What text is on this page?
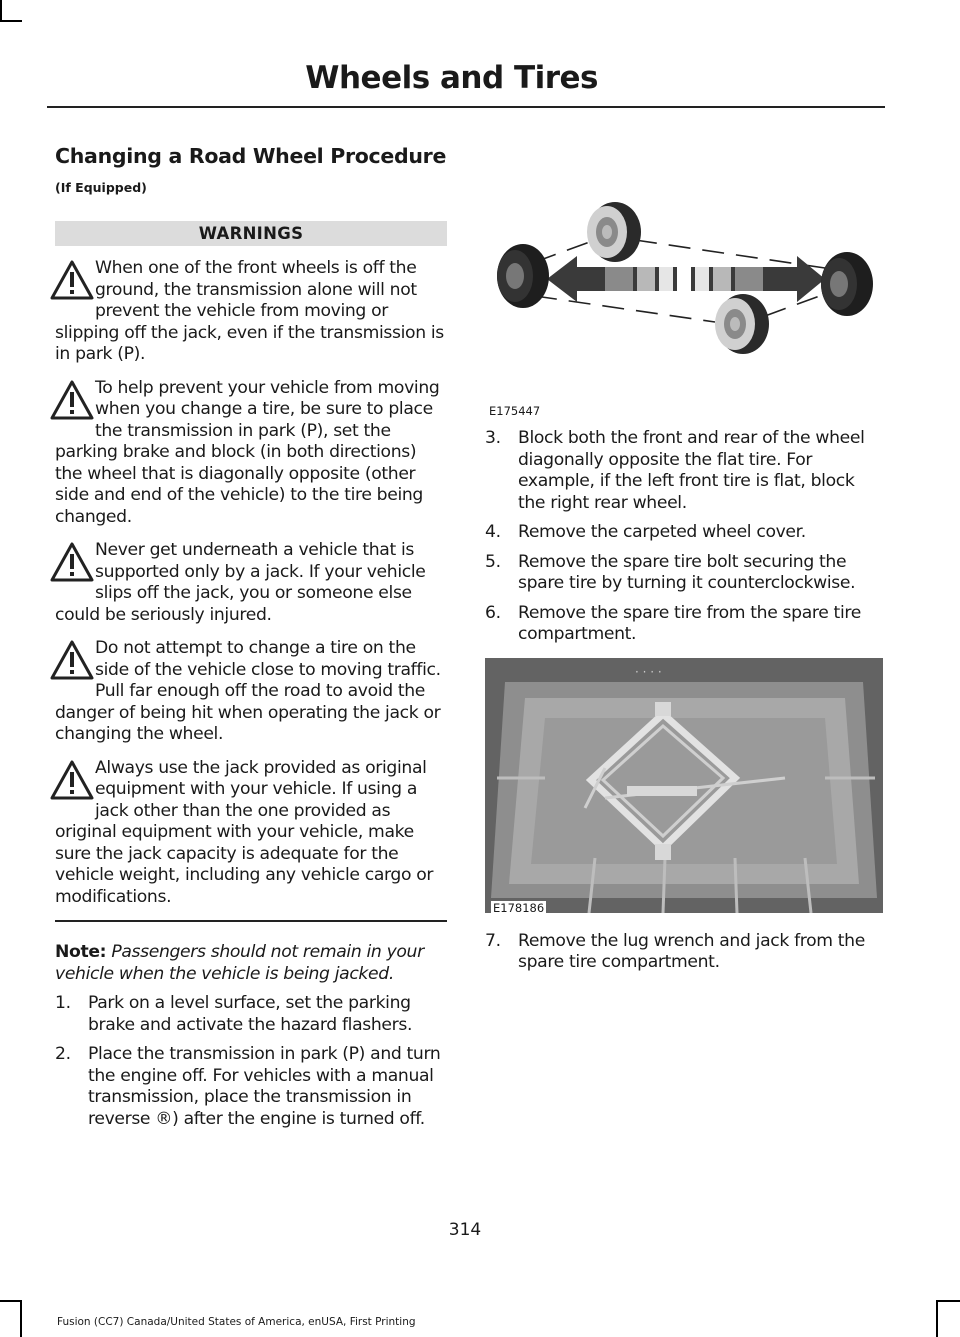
Wheels and Tires
Changing a Road Wheel Procedure
(If Equipped)
WARNINGS
When one of the front wheels is off the ground, the transmission alone will not prevent the vehicle from moving or slipping off the jack, even if the transmission is in park (P).
To help prevent your vehicle from moving when you change a tire, be sure to place the transmission in park (P), set the parking brake and block (in both directions) the wheel that is diagonally opposite (other side and end of the vehicle) to the tire being changed.
Never get underneath a vehicle that is supported only by a jack. If your vehicle slips off the jack, you or someone else could be seriously injured.
Do not attempt to change a tire on the side of the vehicle close to moving traffic. Pull far enough off the road to avoid the danger of being hit when operating the jack or changing the wheel.
Always use the jack provided as original equipment with your vehicle. If using a jack other than the one provided as original equipment with your vehicle, make sure the jack capacity is adequate for the vehicle weight, including any vehicle cargo or modifications.
Note: Passengers should not remain in your vehicle when the vehicle is being jacked.
1. Park on a level surface, set the parking brake and activate the hazard flashers.
2. Place the transmission in park (P) and turn the engine off. For vehicles with a manual transmission, place the transmission in reverse ®) after the engine is turned off.
E175447
3. Block both the front and rear of the wheel diagonally opposite the flat tire. For example, if the left front tire is flat, block the right rear wheel.
4. Remove the carpeted wheel cover.
5. Remove the spare tire bolt securing the spare tire by turning it counterclockwise.
6. Remove the spare tire from the spare tire compartment.
· · · ·
E178186
7. Remove the lug wrench and jack from the spare tire compartment.
314
Fusion (CC7) Canada/United States of America, enUSA, First Printing
